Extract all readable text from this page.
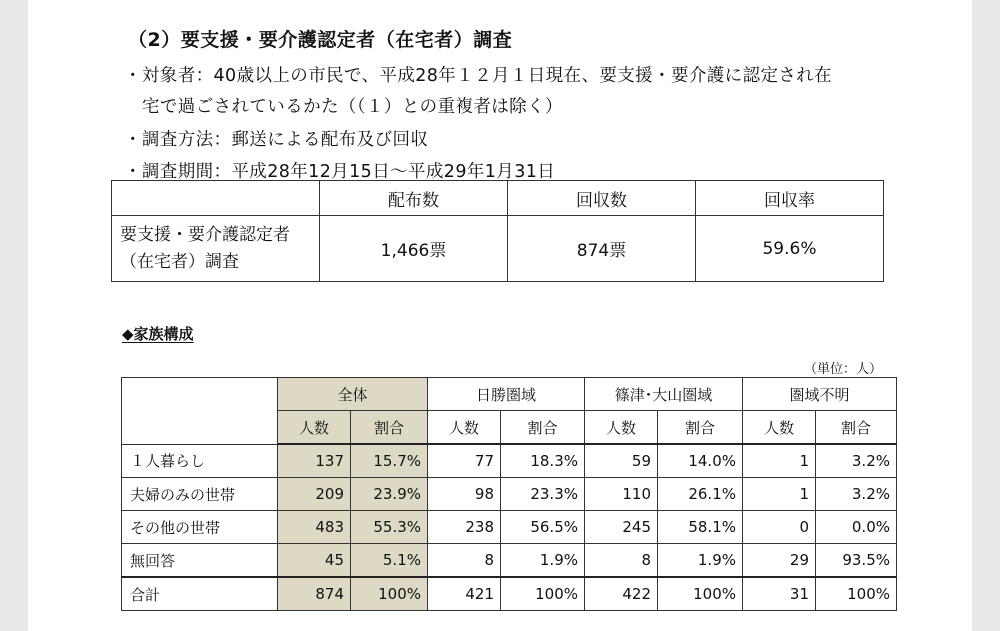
（2）要支援・要介護認定者（在宅者）調査
・対象者：40歳以上の市民で、平成28年１２月１日現在、要支援・要介護に認定され在
宅で過ごされているかた（（１）との重複者は除く）
・調査方法：郵送による配布及び回収
・調査期間：平成28年12月15日～平成29年1月31日
	配布数	回収数	回収率

要支援・要介護認定者
（在宅者）調査	1,466票	874票	59.6%
◆家族構成
（単位：人）
	全体		日勝圏域		篠津･大山圏域		圏域不明	
	人数	割合	人数	割合	人数	割合	人数	割合
１人暮らし	137	15.7%	77	18.3%	59	14.0%	1	3.2%
夫婦のみの世帯	209	23.9%	98	23.3%	110	26.1%	1	3.2%
その他の世帯	483	55.3%	238	56.5%	245	58.1%	0	0.0%
無回答	45	5.1%	8	1.9%	8	1.9%	29	93.5%
合計	874	100%	421	100%	422	100%	31	100%
